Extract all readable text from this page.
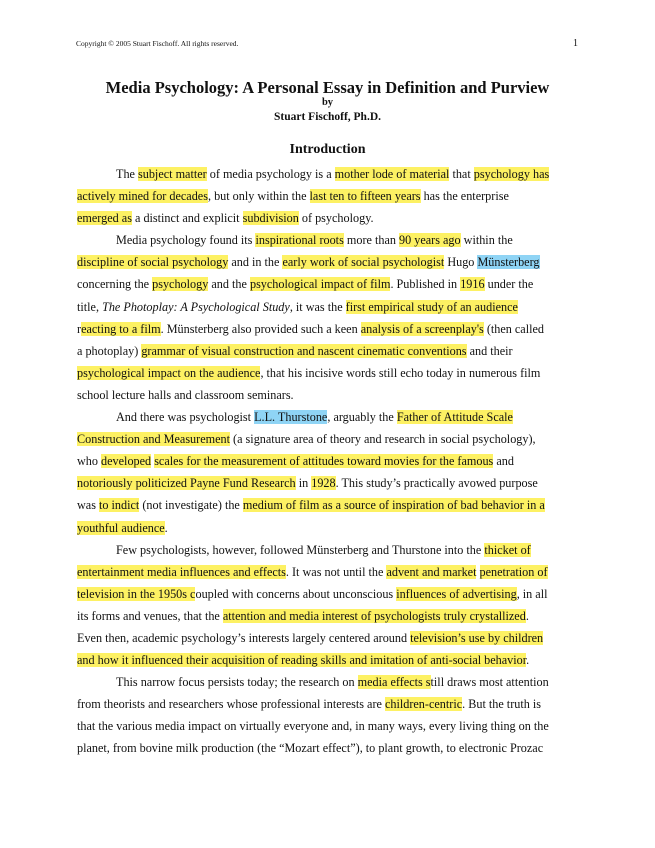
Copyright © 2005 Stuart Fischoff. All rights reserved.	1
Media Psychology: A Personal Essay in Definition and Purview
by
Stuart Fischoff, Ph.D.
Introduction
The subject matter of media psychology is a mother lode of material that psychology has
actively mined for decades, but only within the last ten to fifteen years has the enterprise
emerged as a distinct and explicit subdivision of psychology.
Media psychology found its inspirational roots more than 90 years ago within the
discipline of social psychology and in the early work of social psychologist Hugo Münsterberg
concerning the psychology and the psychological impact of film. Published in 1916 under the
title, The Photoplay: A Psychological Study, it was the first empirical study of an audience
reacting to a film. Münsterberg also provided such a keen analysis of a screenplay's (then called
a photoplay) grammar of visual construction and nascent cinematic conventions and their
psychological impact on the audience, that his incisive words still echo today in numerous film
school lecture halls and classroom seminars.
And there was psychologist L.L. Thurstone, arguably the Father of Attitude Scale
Construction and Measurement (a signature area of theory and research in social psychology),
who developed scales for the measurement of attitudes toward movies for the famous and
notoriously politicized Payne Fund Research in 1928. This study’s practically avowed purpose
was to indict (not investigate) the medium of film as a source of inspiration of bad behavior in a
youthful audience.
Few psychologists, however, followed Münsterberg and Thurstone into the thicket of
entertainment media influences and effects. It was not until the advent and market penetration of
television in the 1950s coupled with concerns about unconscious influences of advertising, in all
its forms and venues, that the attention and media interest of psychologists truly crystallized.
Even then, academic psychology’s interests largely centered around television’s use by children
and how it influenced their acquisition of reading skills and imitation of anti-social behavior.
This narrow focus persists today; the research on media effects still draws most attention
from theorists and researchers whose professional interests are children-centric. But the truth is
that the various media impact on virtually everyone and, in many ways, every living thing on the
planet, from bovine milk production (the “Mozart effect”), to plant growth, to electronic Prozac
